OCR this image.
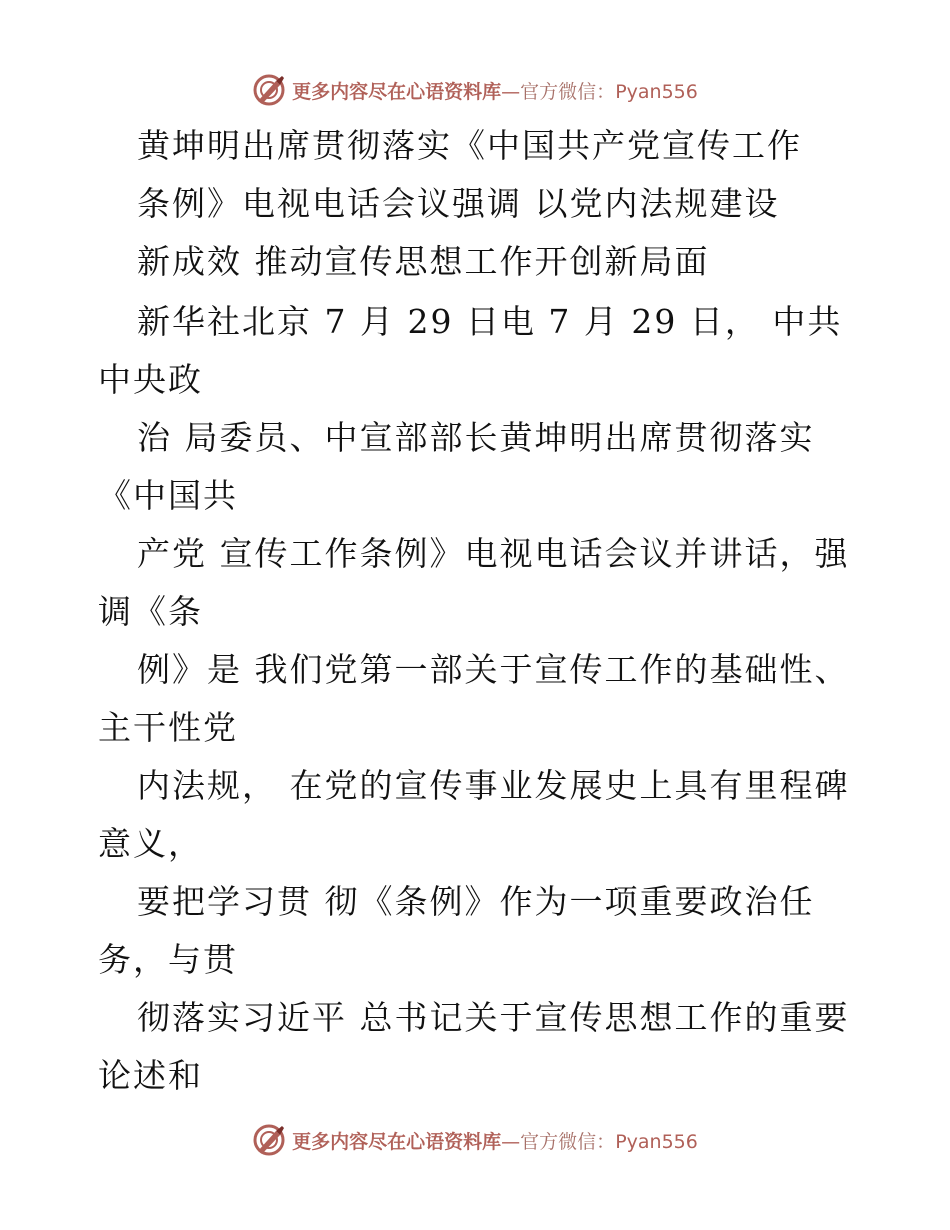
更多内容尽在心语资料库—官方微信：Pyan556
黄坤明出席贯彻落实《中国共产党宣传工作
条例》电视电话会议强调 以党内法规建设
新成效 推动宣传思想工作开创新局面
新华社北京 7 月 29 日电 7 月 29 日， 中共
中央政
治 局委员、中宣部部长黄坤明出席贯彻落实
《中国共
产党 宣传工作条例》电视电话会议并讲话，强
调《条
例》是 我们党第一部关于宣传工作的基础性、
主干性党
内法规， 在党的宣传事业发展史上具有里程碑
意义，
要把学习贯 彻《条例》作为一项重要政治任
务，与贯
彻落实习近平 总书记关于宣传思想工作的重要
论述和
更多内容尽在心语资料库—官方微信：Pyan556
